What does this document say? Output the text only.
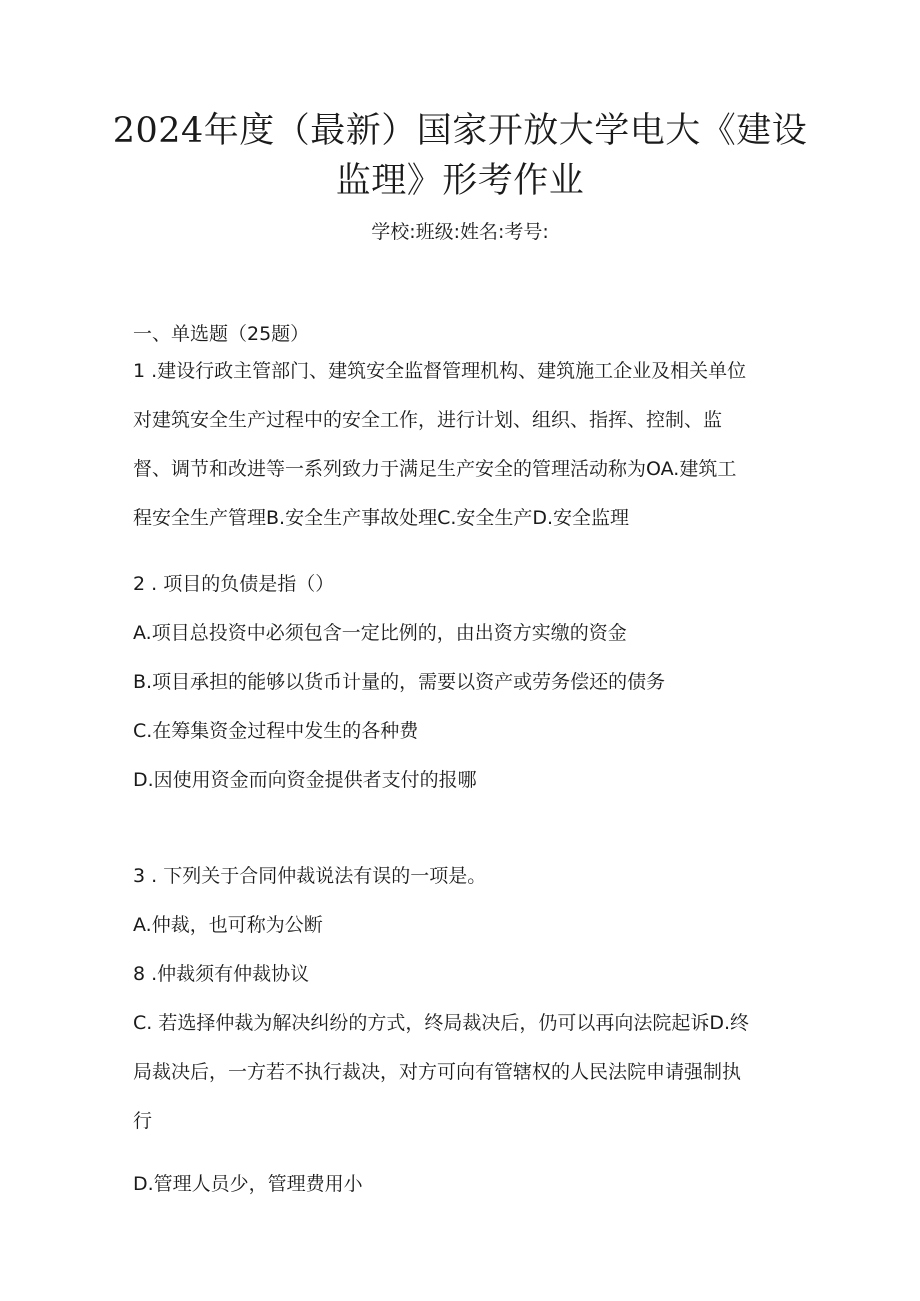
2024年度（最新）国家开放大学电大《建设
监理》形考作业
学校:班级:姓名:考号:
一、单选题（25题）
1 .建设行政主管部门、建筑安全监督管理机构、建筑施工企业及相关单位
对建筑安全生产过程中的安全工作，进行计划、组织、指挥、控制、监
督、调节和改进等一系列致力于满足生产安全的管理活动称为OA.建筑工
程安全生产管理B.安全生产事故处理C.安全生产D.安全监理
2 . 项目的负债是指（）
A.项目总投资中必须包含一定比例的，由出资方实缴的资金
B.项目承担的能够以货币计量的，需要以资产或劳务偿还的债务
C.在筹集资金过程中发生的各种费
D.因使用资金而向资金提供者支付的报哪
3 . 下列关于合同仲裁说法有误的一项是。
A.仲裁，也可称为公断
8 .仲裁须有仲裁协议
C. 若选择仲裁为解决纠纷的方式，终局裁决后，仍可以再向法院起诉D.终
局裁决后，一方若不执行裁决，对方可向有管辖权的人民法院申请强制执
行
D.管理人员少，管理费用小
